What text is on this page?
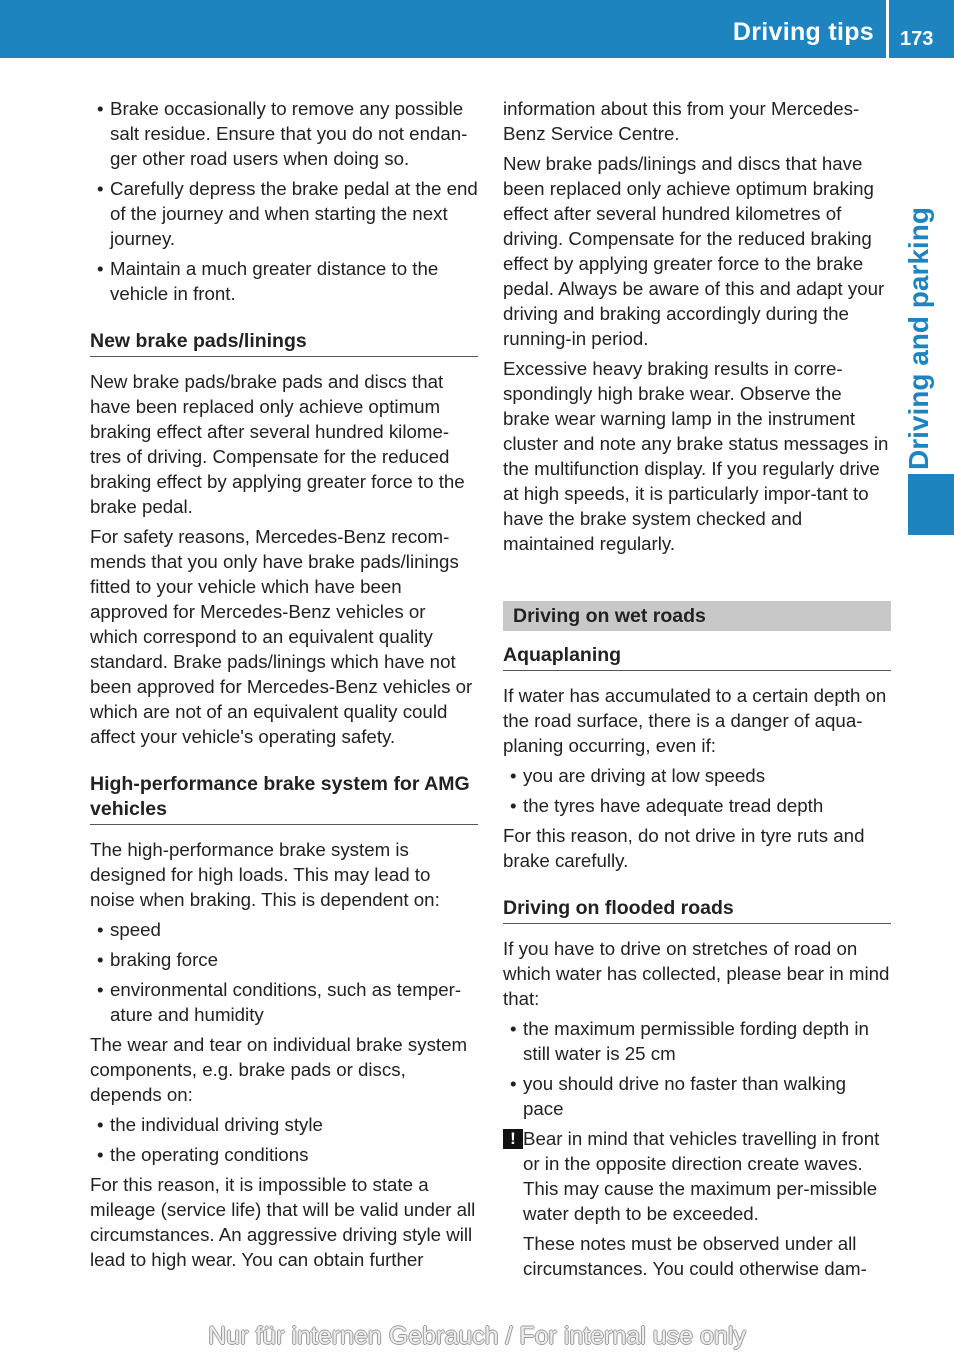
Driving tips 173
Driving and parking
• Brake occasionally to remove any possible salt residue. Ensure that you do not endan-ger other road users when doing so.
• Carefully depress the brake pedal at the end of the journey and when starting the next journey.
• Maintain a much greater distance to the vehicle in front.
New brake pads/linings

New brake pads/brake pads and discs that have been replaced only achieve optimum braking effect after several hundred kilome-tres of driving. Compensate for the reduced braking effect by applying greater force to the brake pedal.

For safety reasons, Mercedes-Benz recom-mends that you only have brake pads/linings fitted to your vehicle which have been approved for Mercedes-Benz vehicles or which correspond to an equivalent quality standard. Brake pads/linings which have not been approved for Mercedes-Benz vehicles or which are not of an equivalent quality could affect your vehicle's operating safety.

High-performance brake system for AMG vehicles

The high-performance brake system is designed for high loads. This may lead to noise when braking. This is dependent on:

• speed
• braking force
• environmental conditions, such as temper-ature and humidity

The wear and tear on individual brake system components, e.g. brake pads or discs, depends on:

• the individual driving style
• the operating conditions

For this reason, it is impossible to state a mileage (service life) that will be valid under all circumstances. An aggressive driving style will lead to high wear. You can obtain further

information about this from your Mercedes-Benz Service Centre.

New brake pads/linings and discs that have been replaced only achieve optimum braking effect after several hundred kilometres of driving. Compensate for the reduced braking effect by applying greater force to the brake pedal. Always be aware of this and adapt your driving and braking accordingly during the running-in period.

Excessive heavy braking results in corre-spondingly high brake wear. Observe the brake wear warning lamp in the instrument cluster and note any brake status messages in the multifunction display. If you regularly drive at high speeds, it is particularly impor-tant to have the brake system checked and maintained regularly.

Driving on wet roads
Aquaplaning

If water has accumulated to a certain depth on the road surface, there is a danger of aqua-planing occurring, even if:

• you are driving at low speeds
• the tyres have adequate tread depth

For this reason, do not drive in tyre ruts and brake carefully.

Driving on flooded roads

If you have to drive on stretches of road on which water has collected, please bear in mind that:

• the maximum permissible fording depth in still water is 25 cm
• you should drive no faster than walking pace
! Bear in mind that vehicles travelling in front or in the opposite direction create waves. This may cause the maximum per-missible water depth to be exceeded.

These notes must be observed under all circumstances. You could otherwise dam-

Nur für internen Gebrauch / For internal use only
